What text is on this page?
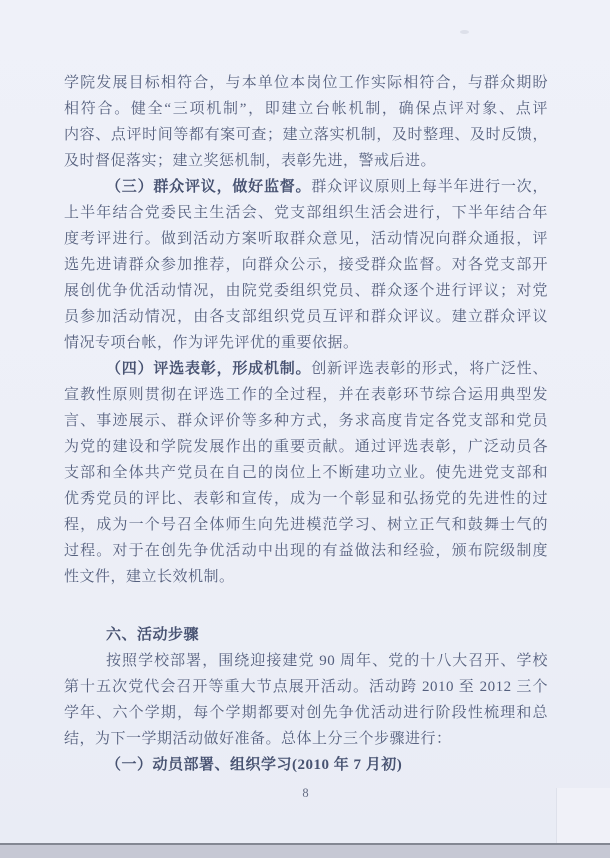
学院发展目标相符合，与本单位本岗位工作实际相符合，与群众期盼
相符合。健全“三项机制”，即建立台帐机制，确保点评对象、点评
内容、点评时间等都有案可查；建立落实机制，及时整理、及时反馈，
及时督促落实；建立奖惩机制，表彰先进，警戒后进。
（三）群众评议，做好监督。群众评议原则上每半年进行一次，
上半年结合党委民主生活会、党支部组织生活会进行，下半年结合年
度考评进行。做到活动方案听取群众意见，活动情况向群众通报，评
选先进请群众参加推荐，向群众公示，接受群众监督。对各党支部开
展创优争优活动情况，由院党委组织党员、群众逐个进行评议；对党
员参加活动情况，由各支部组织党员互评和群众评议。建立群众评议
情况专项台帐，作为评先评优的重要依据。
（四）评选表彰，形成机制。创新评选表彰的形式，将广泛性、
宣教性原则贯彻在评选工作的全过程，并在表彰环节综合运用典型发
言、事迹展示、群众评价等多种方式，务求高度肯定各党支部和党员
为党的建设和学院发展作出的重要贡献。通过评选表彰，广泛动员各
支部和全体共产党员在自己的岗位上不断建功立业。使先进党支部和
优秀党员的评比、表彰和宣传，成为一个彰显和弘扬党的先进性的过
程，成为一个号召全体师生向先进模范学习、树立正气和鼓舞士气的
过程。对于在创先争优活动中出现的有益做法和经验，颁布院级制度
性文件，建立长效机制。
六、活动步骤
按照学校部署，围绕迎接建党 90 周年、党的十八大召开、学校
第十五次党代会召开等重大节点展开活动。活动跨 2010 至 2012 三个
学年、六个学期，每个学期都要对创先争优活动进行阶段性梳理和总
结，为下一学期活动做好准备。总体上分三个步骤进行：
（一）动员部署、组织学习(2010 年 7 月初)
8
